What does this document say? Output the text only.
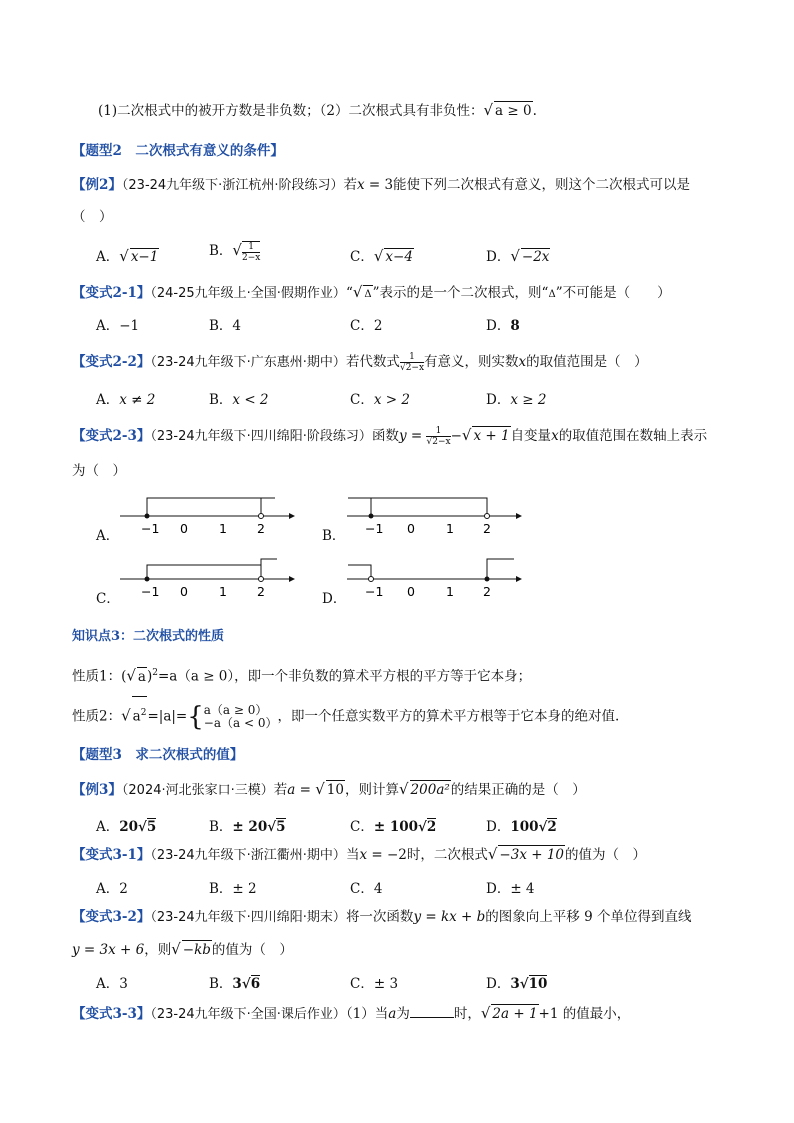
(1)二次根式中的被开方数是非负数；（2）二次根式具有非负性：√ a ≥ 0.
【题型2　二次根式有意义的条件】
【例2】（23-24九年级下·浙江杭州·阶段练习）若x = 3能使下列二次根式有意义，则这个二次根式可以是
（　）
A．√ x−1	B．√ $\frac{1}{2-x}$	C．√ x−4	D．√ −2x
【变式2-1】（24-25九年级上·全国·假期作业）“√ Δ”表示的是一个二次根式，则“Δ”不可能是（　　）
A．−1	B．4	C．2	D．8
【变式2-2】（23-24九年级下·广东惠州·期中）若代数式 $\frac{1}{√2-x}$ 有意义，则实数x的取值范围是（　）
A．x ≠ 2	B．x < 2	C．x > 2	D．x ≥ 2
【变式2-3】（23-24九年级下·四川绵阳·阶段练习）函数$y = \frac{1}{√2-x}$ −√ x + 1自变量x的取值范围在数轴上表示
为（　）
A．	B．
C．	D．
−1 0 1 2	−1 0 1 2
−1 0 1 2	−1 0 1 2
知识点3：二次根式的性质
性质1：(√ a)$^2$=a（a ≥ 0），即一个非负数的算术平方根的平方等于它本身；
性质2：√ $a^2=|a|=${ a（a ≥ 0）
−a（a < 0） ，即一个任意实数平方的算术平方根等于它本身的绝对值.
【题型3　求二次根式的值】
【例3】（2024·河北张家口·三模）若a = √ 10，则计算√ 200a²的结果正确的是（　）
A．20√5	B．± 20√5	C．± 100√2	D．100√2
【变式3-1】（23-24九年级下·浙江衢州·期中）当x = −2时，二次根式√ −3x + 10的值为（　）
A．2	B．± 2	C．4	D．± 4
【变式3-2】（23-24九年级下·四川绵阳·期末）将一次函数y = kx + b的图象向上平移 9 个单位得到直线
y = 3x + 6，则√ −kb的值为（　）
A．3	B．3√6	C．± 3	D．3√10
【变式3-3】（23-24九年级下·全国·课后作业）（1）当a为	时，√ 2a + 1+1 的值最小，
